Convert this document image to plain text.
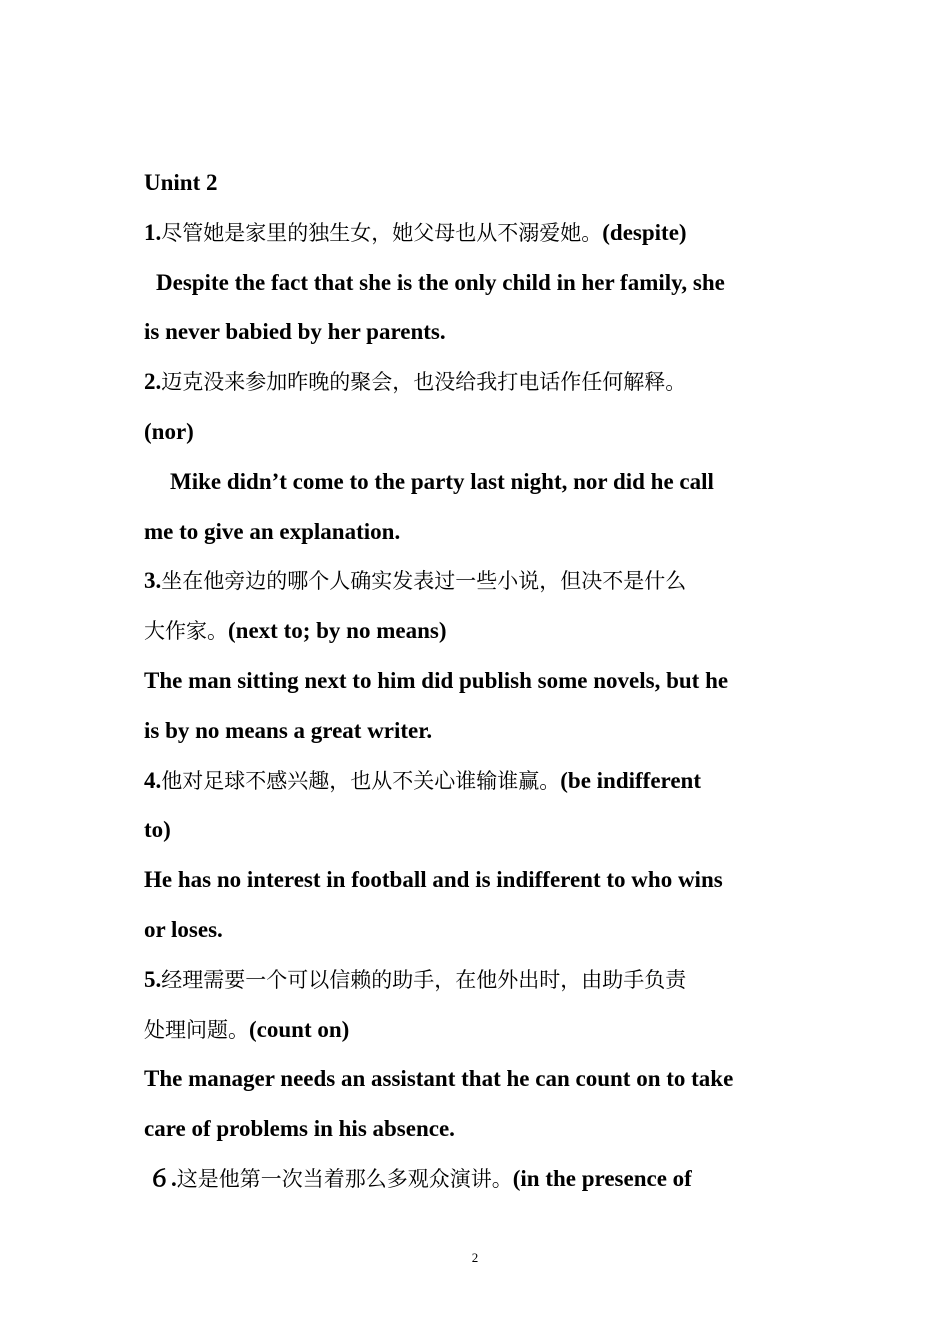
Unint 2
1.尽管她是家里的独生女，她父母也从不溺爱她。(despite)
Despite the fact that she is the only child in her family, she
is never babied by her parents.
2.迈克没来参加昨晚的聚会，也没给我打电话作任何解释。
(nor)
Mike didn’t come to the party last night, nor did he call
me to give an explanation.
3.坐在他旁边的哪个人确实发表过一些小说，但决不是什么
大作家。(next to; by no means)
The man sitting next to him did publish some novels, but he
is by no means a great writer.
4.他对足球不感兴趣，也从不关心谁输谁赢。(be indifferent
to)
He has no interest in football and is indifferent to who wins
or loses.
5.经理需要一个可以信赖的助手，在他外出时，由助手负责
处理问题。(count on)
The manager needs an assistant that he can count on to take
care of problems in his absence.
６.这是他第一次当着那么多观众演讲。(in the presence of
2
